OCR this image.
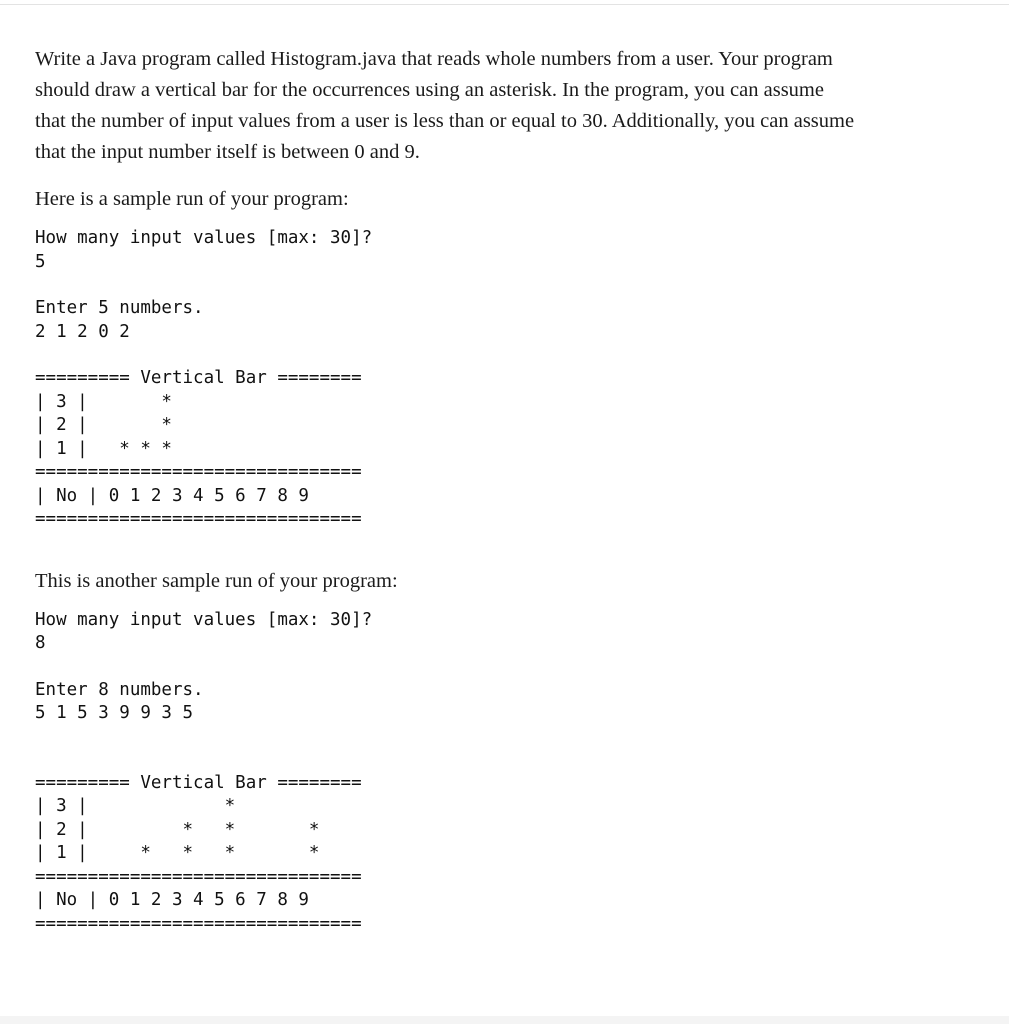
Write a Java program called Histogram.java that reads whole numbers from a user. Your program should draw a vertical bar for the occurrences using an asterisk. In the program, you can assume that the number of input values from a user is less than or equal to 30. Additionally, you can assume that the input number itself is between 0 and 9.

Here is a sample run of your program:

How many input values [max: 30]?
5
Enter 5 numbers.
2 1 2 0 2
========= Vertical Bar ========
| 3 |       *
| 2 |       *
| 1 |   * * *
===============================
| No | 0 1 2 3 4 5 6 7 8 9
===============================

This is another sample run of your program:

How many input values [max: 30]?
8
Enter 8 numbers.
5 1 5 3 9 9 3 5
========= Vertical Bar ========
| 3 |             *
| 2 |         *   *       *
| 1 |     *   *   *       *
===============================
| No | 0 1 2 3 4 5 6 7 8 9
===============================
